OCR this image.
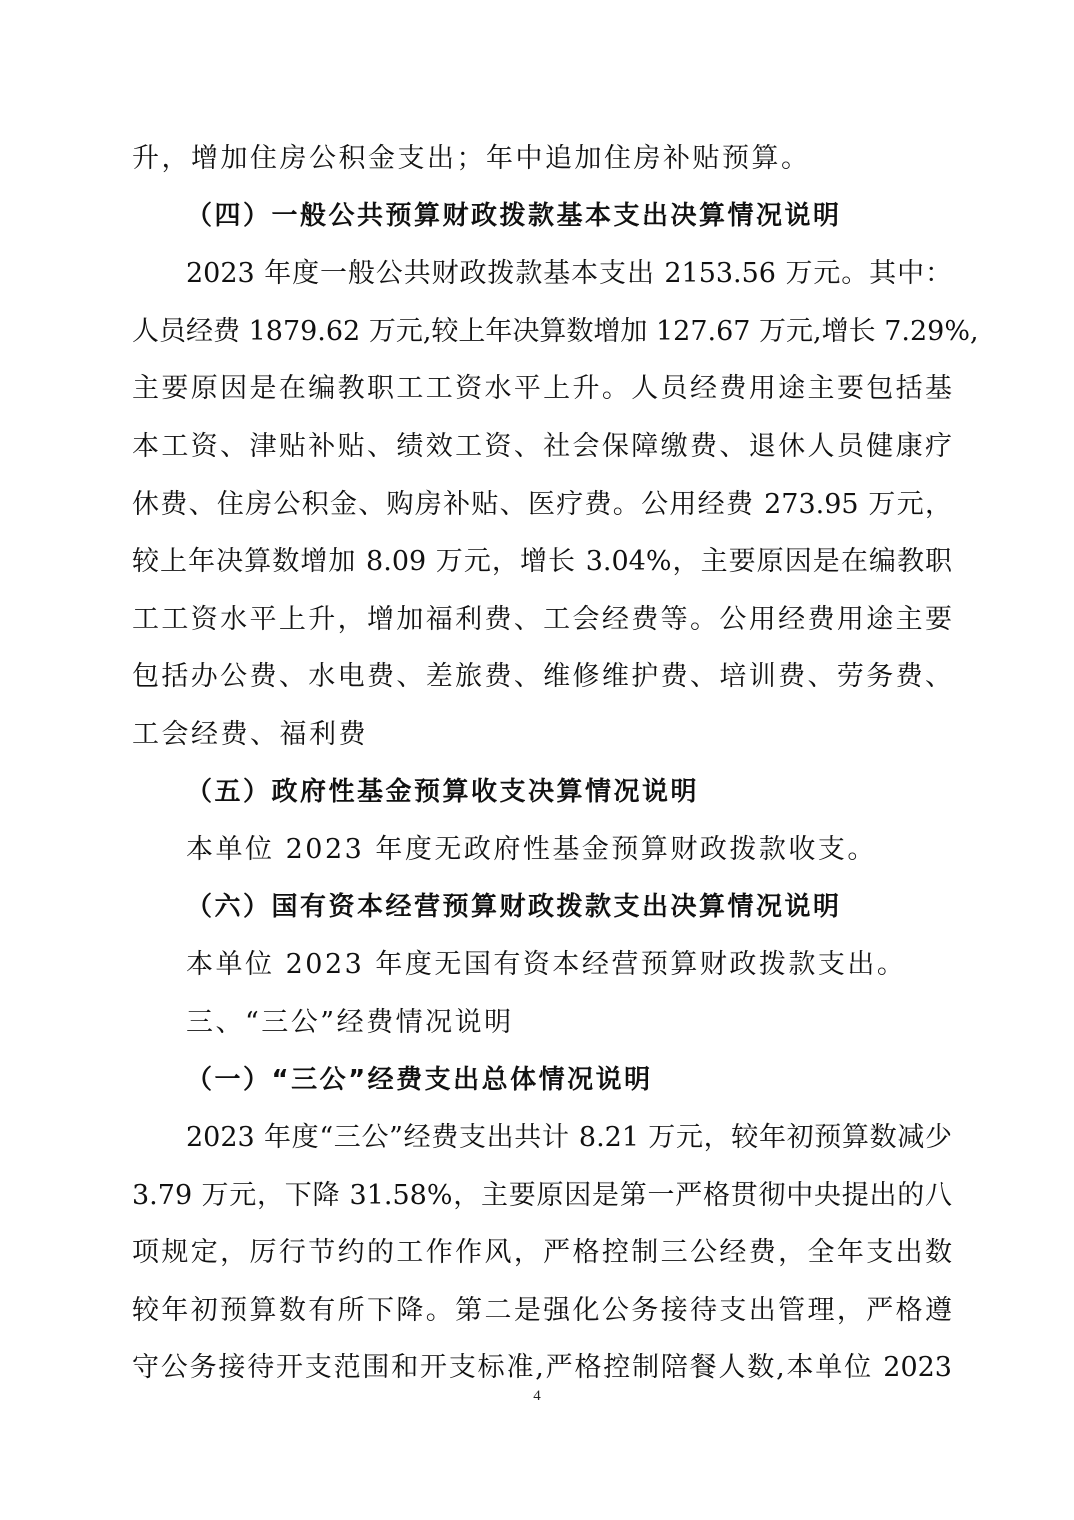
升，增加住房公积金支出；年中追加住房补贴预算。
（四）一般公共预算财政拨款基本支出决算情况说明
2023 年度一般公共财政拨款基本支出 2153.56 万元。其中：
人员经费 1879.62 万元,较上年决算数增加 127.67 万元,增长 7.29%,
主要原因是在编教职工工资水平上升。人员经费用途主要包括基
本工资、津贴补贴、绩效工资、社会保障缴费、退休人员健康疗
休费、住房公积金、购房补贴、医疗费。公用经费 273.95 万元，
较上年决算数增加 8.09 万元，增长 3.04%，主要原因是在编教职
工工资水平上升，增加福利费、工会经费等。公用经费用途主要
包括办公费、水电费、差旅费、维修维护费、培训费、劳务费、
工会经费、福利费
（五）政府性基金预算收支决算情况说明
本单位 2023 年度无政府性基金预算财政拨款收支。
（六）国有资本经营预算财政拨款支出决算情况说明
本单位 2023 年度无国有资本经营预算财政拨款支出。
三、“三公”经费情况说明
（一）“三公”经费支出总体情况说明
2023 年度“三公”经费支出共计 8.21 万元，较年初预算数减少
3.79 万元，下降 31.58%，主要原因是第一严格贯彻中央提出的八
项规定，厉行节约的工作作风，严格控制三公经费，全年支出数
较年初预算数有所下降。第二是强化公务接待支出管理，严格遵
守公务接待开支范围和开支标准,严格控制陪餐人数,本单位 2023
4
